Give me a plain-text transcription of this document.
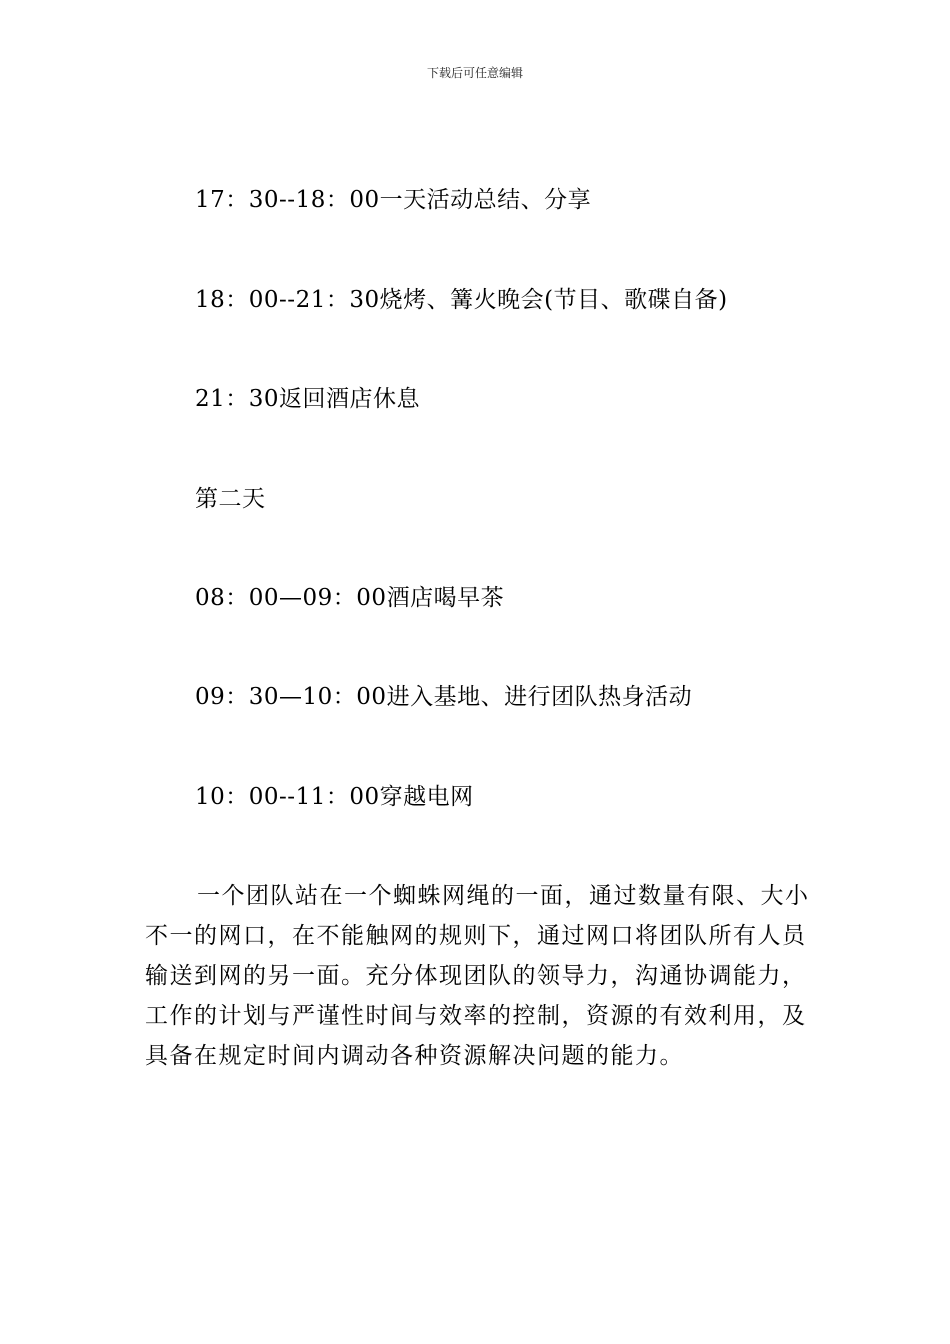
下载后可任意编辑
17：30--18：00一天活动总结、分享
18：00--21：30烧烤、篝火晚会(节目、歌碟自备)
21：30返回酒店休息
第二天
08：00—09：00酒店喝早茶
09：30—10：00进入基地、进行团队热身活动
10：00--11：00穿越电网

一个团队站在一个蜘蛛网绳的一面，通过数量有限、大小不一的网口，在不能触网的规则下，通过网口将团队所有人员输送到网的另一面。充分体现团队的领导力，沟通协调能力，工作的计划与严谨性时间与效率的控制，资源的有效利用，及具备在规定时间内调动各种资源解决问题的能力。
